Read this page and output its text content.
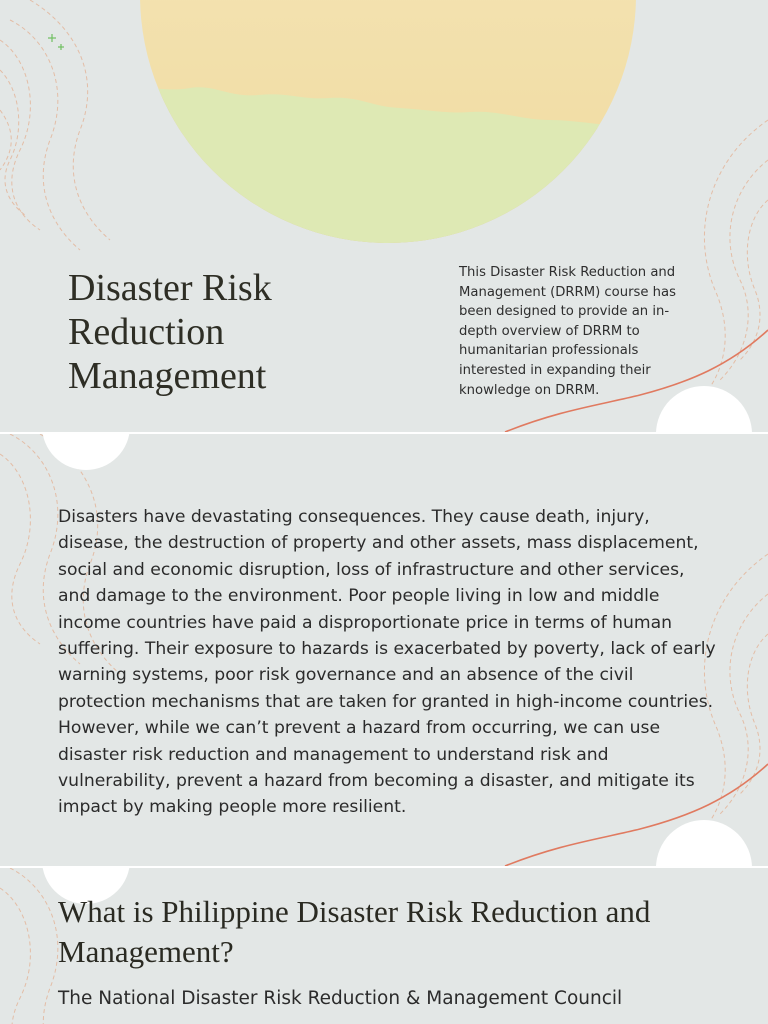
Disaster Risk Reduction Management

This Disaster Risk Reduction and Management (DRRM) course has been designed to provide an in-depth overview of DRRM to humanitarian professionals interested in expanding their knowledge on DRRM.

Disasters have devastating consequences. They cause death, injury, disease, the destruction of property and other assets, mass displacement, social and economic disruption, loss of infrastructure and other services, and damage to the environment. Poor people living in low and middle income countries have paid a disproportionate price in terms of human suffering. Their exposure to hazards is exacerbated by poverty, lack of early warning systems, poor risk governance and an absence of the civil protection mechanisms that are taken for granted in high-income countries. However, while we can’t prevent a hazard from occurring, we can use disaster risk reduction and management to understand risk and vulnerability, prevent a hazard from becoming a disaster, and mitigate its impact by making people more resilient.

What is Philippine Disaster Risk Reduction and Management?

The National Disaster Risk Reduction & Management Council
